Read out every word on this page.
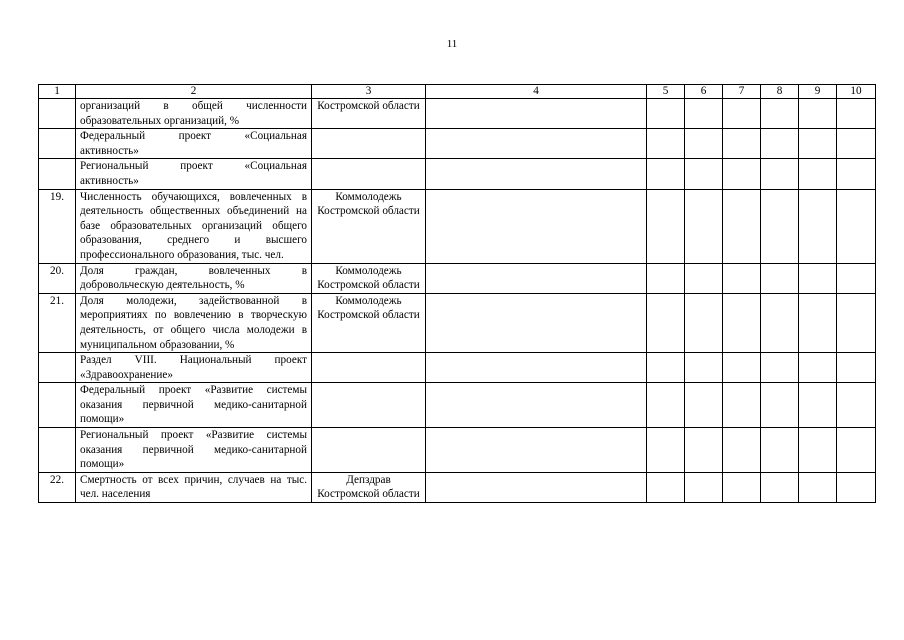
11
1	2	3	4	5	6	7	8	9	10
	организаций в общей численности образовательных организаций, %	Костромской области							
	Федеральный проект «Социальная активность»								
	Региональный проект «Социальная активность»								
19.	Численность обучающихся, вовлеченных в деятельность общественных объединений на базе образовательных организаций общего образования, среднего и высшего профессионального образования, тыс. чел.	Коммолодежь Костромской области							
20.	Доля граждан, вовлеченных в добровольческую деятельность, %	Коммолодежь Костромской области							
21.	Доля молодежи, задействованной в мероприятиях по вовлечению в творческую деятельность, от общего числа молодежи в муниципальном образовании, %	Коммолодежь Костромской области							
	Раздел VIII. Национальный проект «Здравоохранение»								
	Федеральный проект «Развитие системы оказания первичной медико-санитарной помощи»								
	Региональный проект «Развитие системы оказания первичной медико-санитарной помощи»								
22.	Смертность от всех причин, случаев на тыс. чел. населения	Депздрав Костромской области							
